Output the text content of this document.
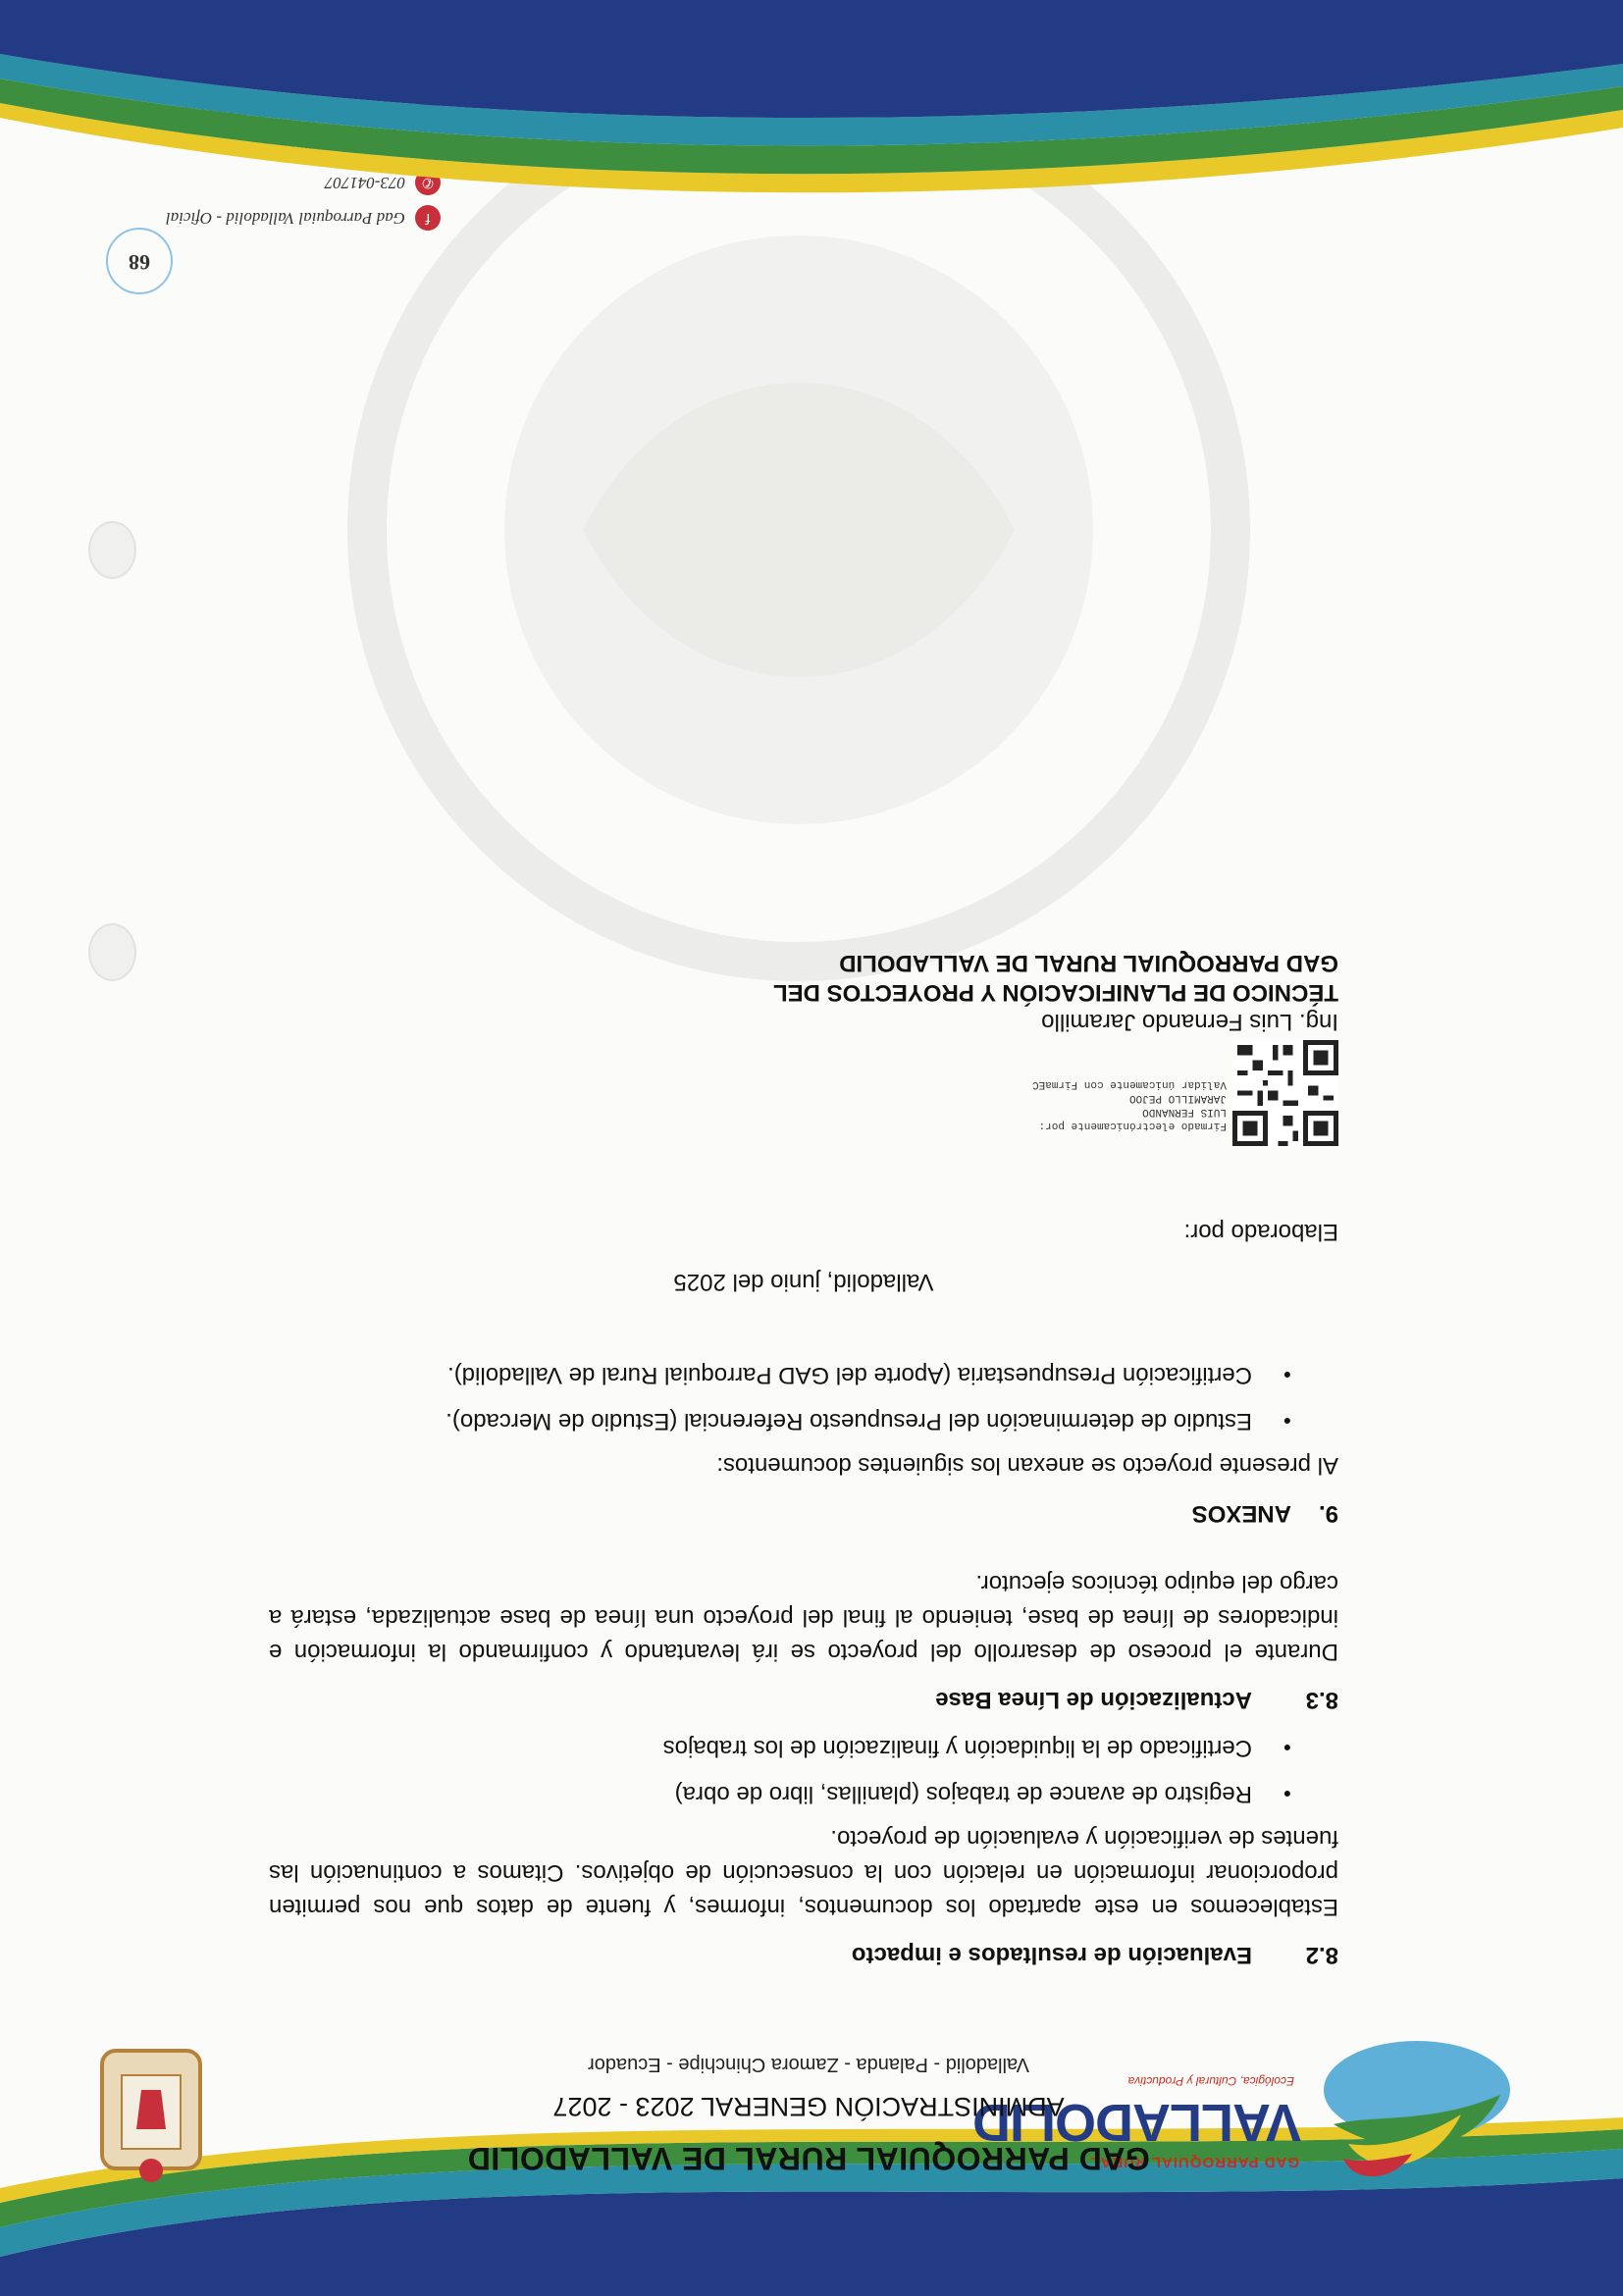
GAD PARROQUIAL RURAL
VALLADOLID
Ecológica, Cultural y Productiva
GAD PARROQUIAL RURAL DE VALLADOLID
ADMINISTRACIÓN GENERAL 2023 - 2027
Valladolid - Palanda - Zamora Chinchipe - Ecuador
8.2
Evaluación de resultados e impacto

Establecemos en este apartado los documentos, informes, y fuente de datos que nos permiten proporcionar información en relación con la consecución de objetivos. Citamos a continuación las fuentes de verificación y evaluación de proyecto.

● Registro de avance de trabajos (planillas, libro de obra)
● Certificado de la liquidación y finalización de los trabajos
8.3
Actualización de Línea Base

Durante el proceso de desarrollo del proyecto se irá levantando y confirmando la información e indicadores de línea de base, teniendo al final del proyecto una línea de base actualizada, estará a cargo del equipo técnicos ejecutor.

9.
ANEXOS

Al presente proyecto se anexan los siguientes documentos:

● Estudio de determinación del Presupuesto Referencial (Estudio de Mercado).
● Certificación Presupuestaria (Aporte del GAD Parroquial Rural de Valladolid).
Valladolid, junio del 2025
Elaborado por:
Firmado electrónicamente por:
LUIS FERNANDO
JARAMILLO PEJOO
Validar únicamente con FirmaEC
Ing. Luis Fernando Jaramillo
TÉCNICO DE PLANIFICACIÓN Y PROYECTOS DEL
GAD PARROQUIAL RURAL DE VALLADOLID
68
f
Gad Parroquial Valladolid - Oficial
✆
073-041707
